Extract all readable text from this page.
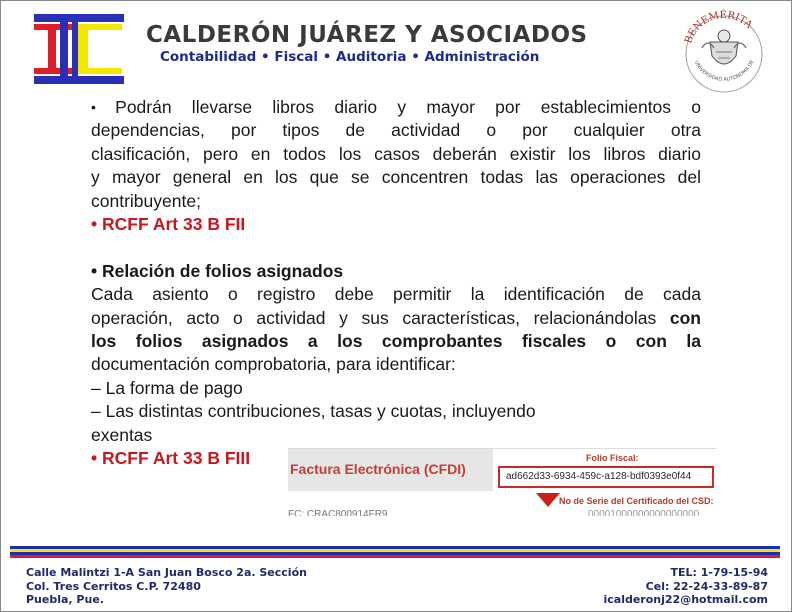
CALDERÓN JUÁREZ Y ASOCIADOS
Contabilidad • Fiscal • Auditoria • Administración
BENEMÉRITA
UNIVERSIDAD AUTÓNOMA DE
• Podrán llevarse libros diario y mayor por establecimientos o
dependencias, por tipos de actividad o por cualquier otra
clasificación, pero en todos los casos deberán existir los libros diario
y mayor general en los que se concentren todas las operaciones del
contribuyente;
• RCFF Art 33 B FII
• Relación de folios asignados
Cada asiento o registro debe permitir la identificación de cada
operación, acto o actividad y sus características, relacionándolas con
los folios asignados a los comprobantes fiscales o con la
documentación comprobatoria, para identificar:
– La forma de pago
– Las distintas contribuciones, tasas y cuotas, incluyendo
exentas
• RCFF Art 33 B FIII
Factura Electrónica (CFDI)
Folio Fiscal:
ad662d33-6934-459c-a128-bdf0393e0f44
No de Serie del Certificado del CSD:
FC: CRAC800914FR9	00001000000000000000
Calle Malintzi 1-A San Juan Bosco 2a. Sección
Col. Tres Cerritos C.P. 72480
Puebla, Pue.
TEL: 1-79-15-94
Cel: 22-24-33-89-87
icalderonj22@hotmail.com
